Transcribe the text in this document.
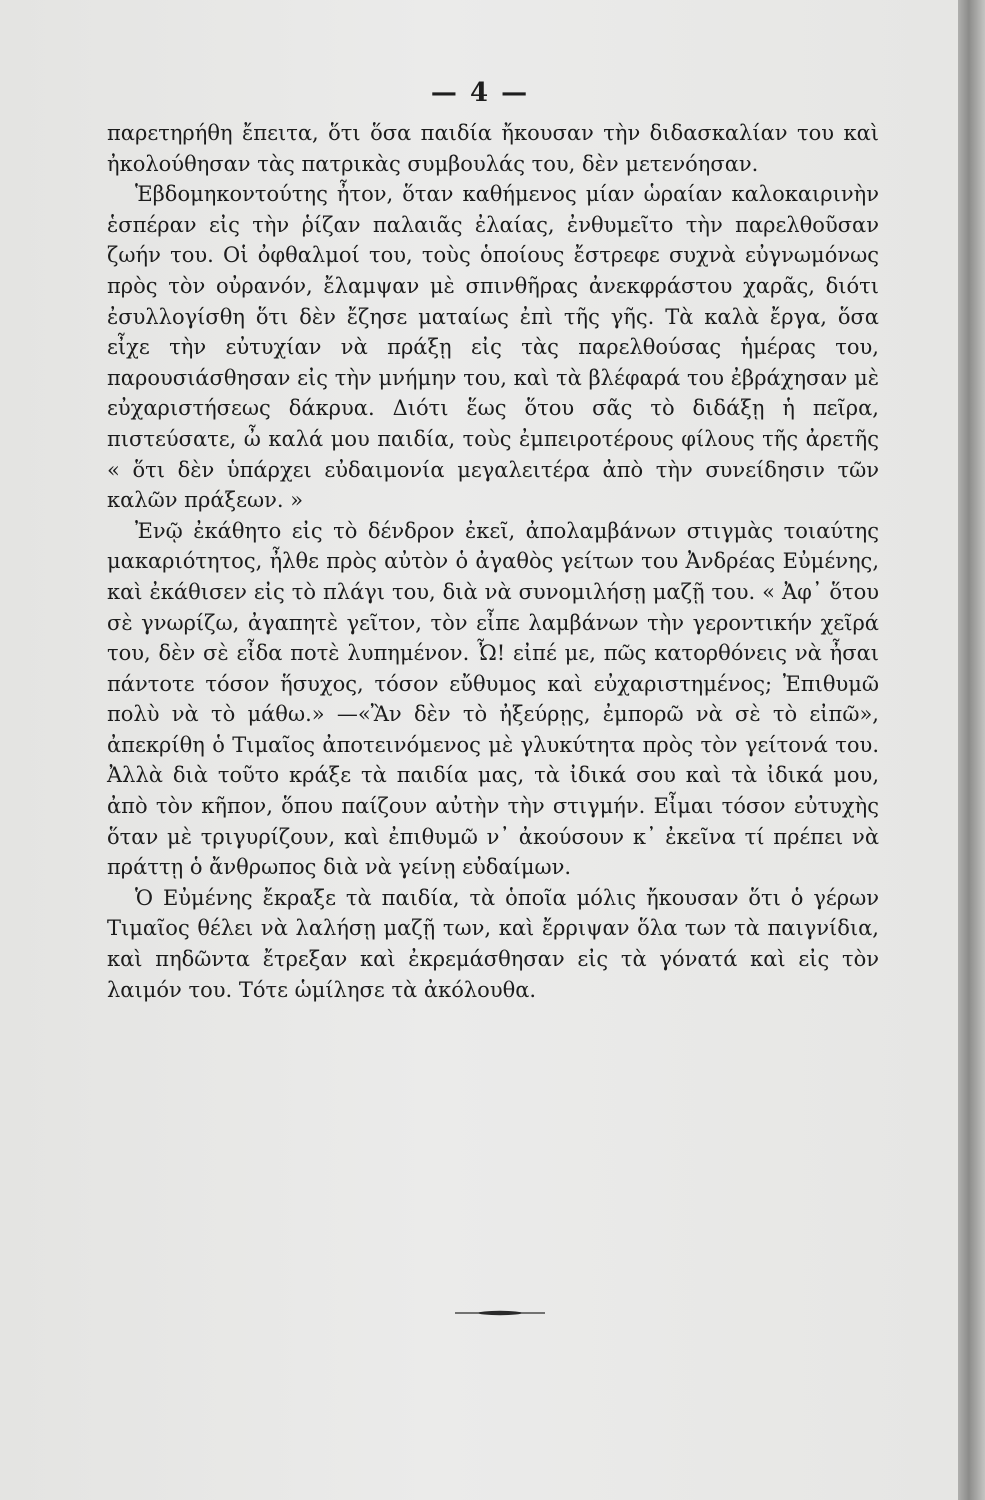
— 4 —

παρετηρήθη ἔπειτα, ὅτι ὅσα παιδία ἤκουσαν τὴν διδασκαλίαν του καὶ ἠκολούθησαν τὰς πατρικὰς συμβουλάς του, δὲν μετενόησαν.

Ἑβδομηκοντούτης ἦτον, ὅταν καθήμενος μίαν ὡραίαν καλοκαιρινὴν ἑσπέραν εἰς τὴν ῥίζαν παλαιᾶς ἐλαίας, ἐνθυμεῖτο τὴν παρελθοῦσαν ζωήν του. Οἱ ὀφθαλμοί του, τοὺς ὁποίους ἔστρεφε συχνὰ εὐγνωμόνως πρὸς τὸν οὐρανόν, ἔλαμψαν μὲ σπινθῆρας ἀνεκφράστου χαρᾶς, διότι ἐσυλλογίσθη ὅτι δὲν ἔζησε ματαίως ἐπὶ τῆς γῆς. Τὰ καλὰ ἔργα, ὅσα εἶχε τὴν εὐτυχίαν νὰ πράξῃ εἰς τὰς παρελθούσας ἡμέρας του, παρουσιάσθησαν εἰς τὴν μνήμην του, καὶ τὰ βλέφαρά του ἐβράχησαν μὲ εὐχαριστήσεως δάκρυα. Διότι ἕως ὅτου σᾶς τὸ διδάξῃ ἡ πεῖρα, πιστεύσατε, ὦ καλά μου παιδία, τοὺς ἐμπειροτέρους φίλους τῆς ἀρετῆς « ὅτι δὲν ὑπάρχει εὐδαιμονία μεγαλειτέρα ἀπὸ τὴν συνείδησιν τῶν καλῶν πράξεων. »

Ἐνῷ ἐκάθητο εἰς τὸ δένδρον ἐκεῖ, ἀπολαμβάνων στιγμὰς τοιαύτης μακαριότητος, ἦλθε πρὸς αὐτὸν ὁ ἀγαθὸς γείτων του Ἀνδρέας Εὐμένης, καὶ ἐκάθισεν εἰς τὸ πλάγι του, διὰ νὰ συνομιλήσῃ μαζῇ του. « Ἀφ᾿ ὅτου σὲ γνωρίζω, ἀγαπητὲ γεῖτον, τὸν εἶπε λαμβάνων τὴν γεροντικήν χεῖρά του, δὲν σὲ εἶδα ποτὲ λυπημένον. Ὦ! εἰπέ με, πῶς κατορθόνεις νὰ ἦσαι πάντοτε τόσον ἥσυχος, τόσον εὔθυμος καὶ εὐχαριστημένος; Ἐπιθυμῶ πολὺ νὰ τὸ μάθω.» —«Ἂν δὲν τὸ ἠξεύρῃς, ἐμπορῶ νὰ σὲ τὸ εἰπῶ», ἀπεκρίθη ὁ Τιμαῖος ἀποτεινόμενος μὲ γλυκύτητα πρὸς τὸν γείτονά του. Ἀλλὰ διὰ τοῦτο κράξε τὰ παιδία μας, τὰ ἰδικά σου καὶ τὰ ἰδικά μου, ἀπὸ τὸν κῆπον, ὅπου παίζουν αὐτὴν τὴν στιγμήν. Εἶμαι τόσον εὐτυχὴς ὅταν μὲ τριγυρίζουν, καὶ ἐπιθυμῶ ν᾿ ἀκούσουν κ᾿ ἐκεῖνα τί πρέπει νὰ πράττῃ ὁ ἄνθρωπος διὰ νὰ γείνῃ εὐδαίμων.

Ὁ Εὐμένης ἔκραξε τὰ παιδία, τὰ ὁποῖα μόλις ἤκουσαν ὅτι ὁ γέρων Τιμαῖος θέλει νὰ λαλήσῃ μαζῇ των, καὶ ἔρριψαν ὅλα των τὰ παιγνίδια, καὶ πηδῶντα ἔτρεξαν καὶ ἐκρεμάσθησαν εἰς τὰ γόνατά καὶ εἰς τὸν λαιμόν του. Τότε ὡμίλησε τὰ ἀκόλουθα.
